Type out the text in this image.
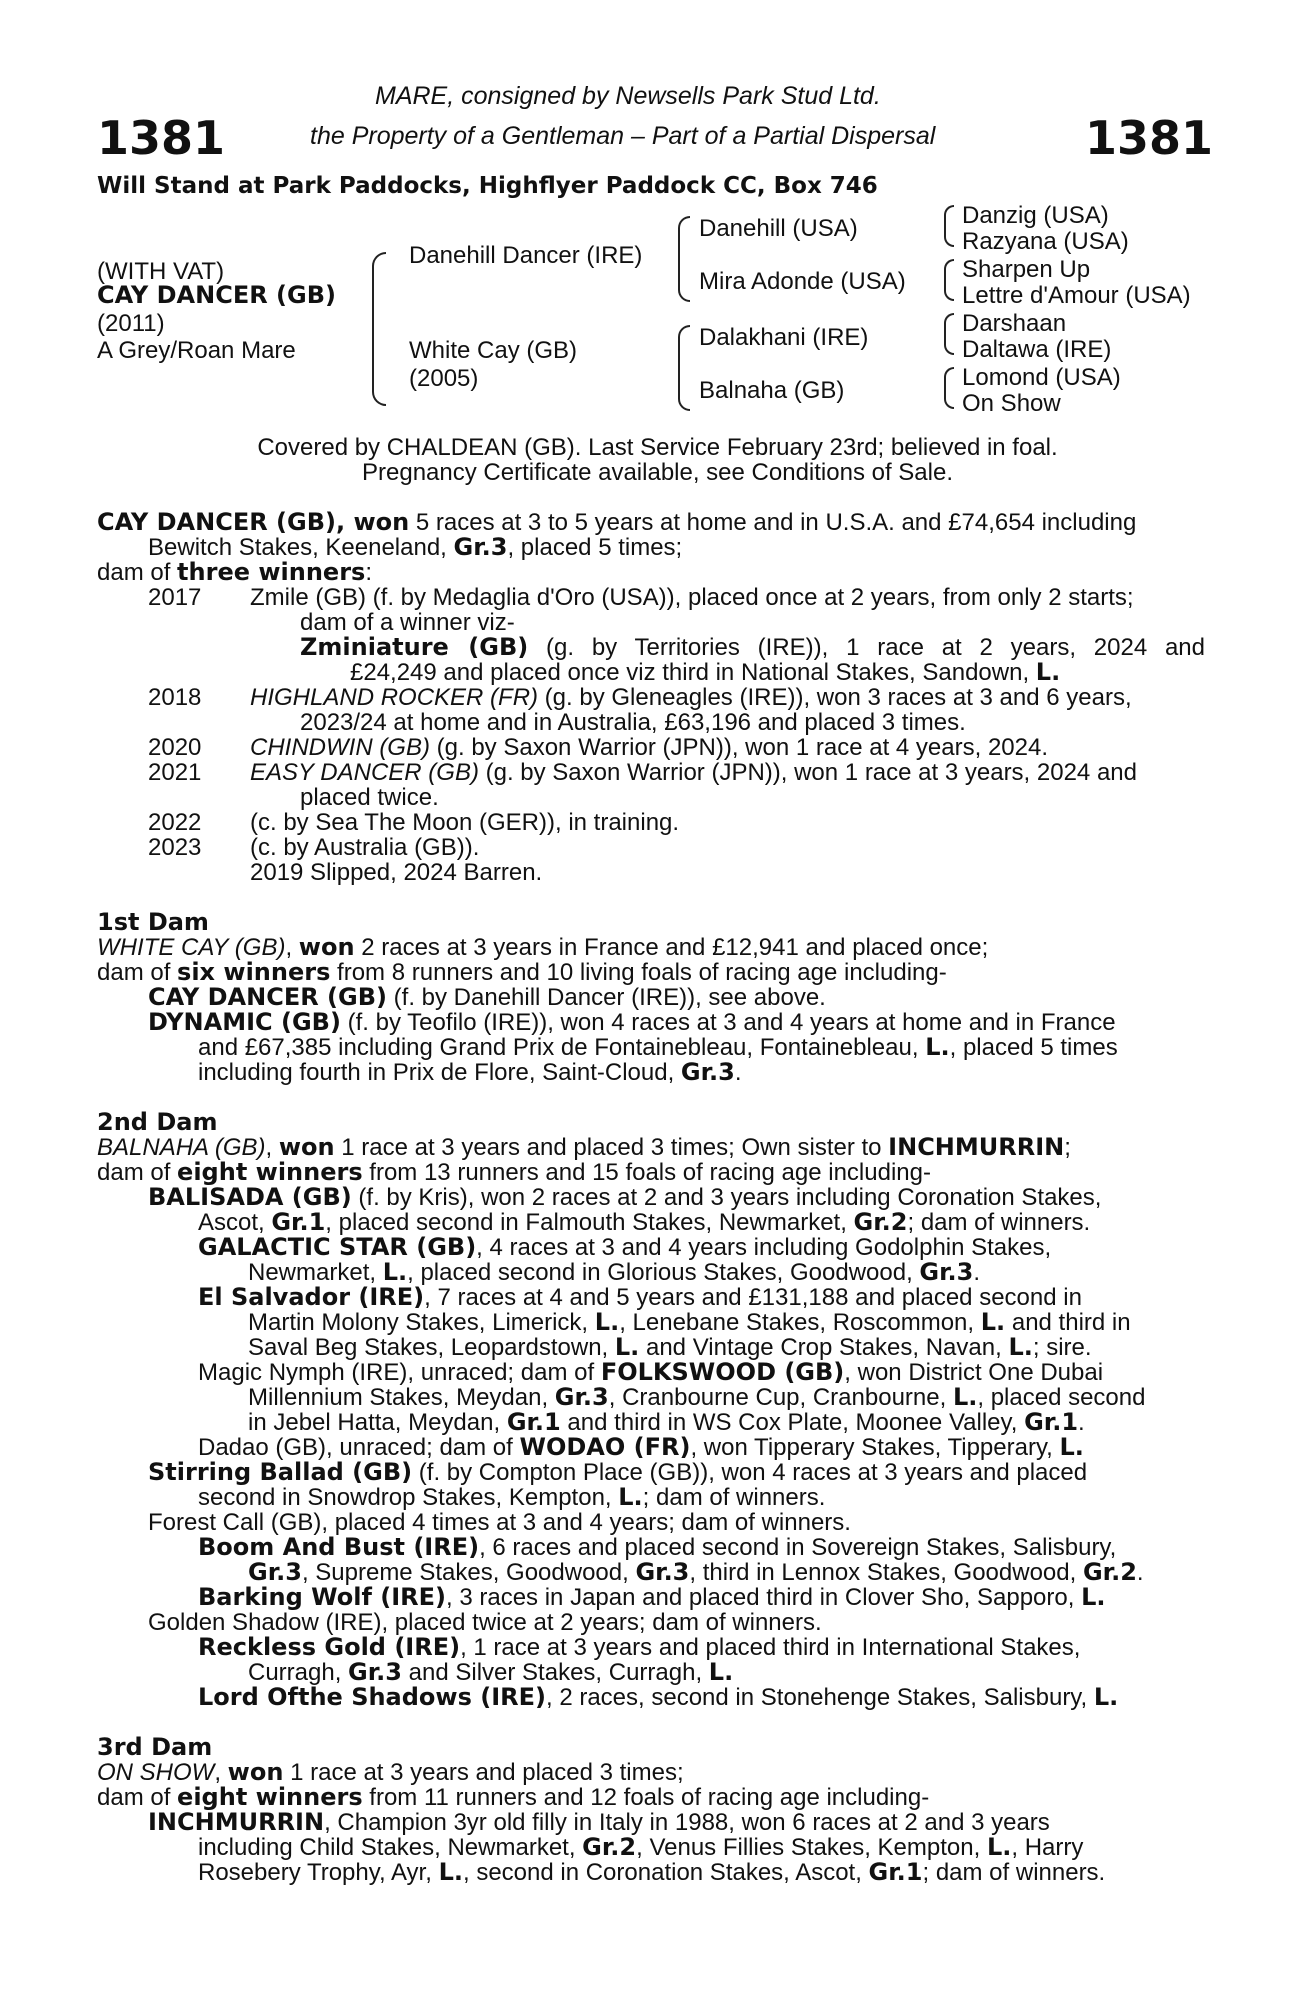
MARE, consigned by Newsells Park Stud Ltd.
1381	the Property of a Gentleman – Part of a Partial Dispersal	1381
Will Stand at Park Paddocks, Highflyer Paddock CC, Box 746
(WITH VAT)
CAY DANCER (GB)
(2011)
A Grey/Roan Mare
Danehill Dancer (IRE)
White Cay (GB)
(2005)
Danehill (USA)
Mira Adonde (USA)
Dalakhani (IRE)
Balnaha (GB)
Danzig (USA)
Razyana (USA)
Sharpen Up
Lettre d'Amour (USA)
Darshaan
Daltawa (IRE)
Lomond (USA)
On Show
Covered by CHALDEAN (GB). Last Service February 23rd; believed in foal.
Pregnancy Certificate available, see Conditions of Sale.
CAY DANCER (GB), won 5 races at 3 to 5 years at home and in U.S.A. and £74,654 including
Bewitch Stakes, Keeneland, Gr.3, placed 5 times;
dam of three winners:
2017 Zmile (GB) (f. by Medaglia d'Oro (USA)), placed once at 2 years, from only 2 starts;
dam of a winner viz-
Zminiature (GB) (g. by Territories (IRE)), 1 race at 2 years, 2024 and
£24,249 and placed once viz third in National Stakes, Sandown, L.
2018 HIGHLAND ROCKER (FR) (g. by Gleneagles (IRE)), won 3 races at 3 and 6 years,
2023/24 at home and in Australia, £63,196 and placed 3 times.
2020 CHINDWIN (GB) (g. by Saxon Warrior (JPN)), won 1 race at 4 years, 2024.
2021 EASY DANCER (GB) (g. by Saxon Warrior (JPN)), won 1 race at 3 years, 2024 and
placed twice.
2022 (c. by Sea The Moon (GER)), in training.
2023 (c. by Australia (GB)).
2019 Slipped, 2024 Barren.
1st Dam
WHITE CAY (GB), won 2 races at 3 years in France and £12,941 and placed once;
dam of six winners from 8 runners and 10 living foals of racing age including-
CAY DANCER (GB) (f. by Danehill Dancer (IRE)), see above.
DYNAMIC (GB) (f. by Teofilo (IRE)), won 4 races at 3 and 4 years at home and in France
and £67,385 including Grand Prix de Fontainebleau, Fontainebleau, L., placed 5 times
including fourth in Prix de Flore, Saint-Cloud, Gr.3.
2nd Dam
BALNAHA (GB), won 1 race at 3 years and placed 3 times; Own sister to INCHMURRIN;
dam of eight winners from 13 runners and 15 foals of racing age including-
BALISADA (GB) (f. by Kris), won 2 races at 2 and 3 years including Coronation Stakes,
Ascot, Gr.1, placed second in Falmouth Stakes, Newmarket, Gr.2; dam of winners.
GALACTIC STAR (GB), 4 races at 3 and 4 years including Godolphin Stakes,
Newmarket, L., placed second in Glorious Stakes, Goodwood, Gr.3.
El Salvador (IRE), 7 races at 4 and 5 years and £131,188 and placed second in
Martin Molony Stakes, Limerick, L., Lenebane Stakes, Roscommon, L. and third in
Saval Beg Stakes, Leopardstown, L. and Vintage Crop Stakes, Navan, L.; sire.
Magic Nymph (IRE), unraced; dam of FOLKSWOOD (GB), won District One Dubai
Millennium Stakes, Meydan, Gr.3, Cranbourne Cup, Cranbourne, L., placed second
in Jebel Hatta, Meydan, Gr.1 and third in WS Cox Plate, Moonee Valley, Gr.1.
Dadao (GB), unraced; dam of WODAO (FR), won Tipperary Stakes, Tipperary, L.
Stirring Ballad (GB) (f. by Compton Place (GB)), won 4 races at 3 years and placed
second in Snowdrop Stakes, Kempton, L.; dam of winners.
Forest Call (GB), placed 4 times at 3 and 4 years; dam of winners.
Boom And Bust (IRE), 6 races and placed second in Sovereign Stakes, Salisbury,
Gr.3, Supreme Stakes, Goodwood, Gr.3, third in Lennox Stakes, Goodwood, Gr.2.
Barking Wolf (IRE), 3 races in Japan and placed third in Clover Sho, Sapporo, L.
Golden Shadow (IRE), placed twice at 2 years; dam of winners.
Reckless Gold (IRE), 1 race at 3 years and placed third in International Stakes,
Curragh, Gr.3 and Silver Stakes, Curragh, L.
Lord Ofthe Shadows (IRE), 2 races, second in Stonehenge Stakes, Salisbury, L.
3rd Dam
ON SHOW, won 1 race at 3 years and placed 3 times;
dam of eight winners from 11 runners and 12 foals of racing age including-
INCHMURRIN, Champion 3yr old filly in Italy in 1988, won 6 races at 2 and 3 years
including Child Stakes, Newmarket, Gr.2, Venus Fillies Stakes, Kempton, L., Harry
Rosebery Trophy, Ayr, L., second in Coronation Stakes, Ascot, Gr.1; dam of winners.
